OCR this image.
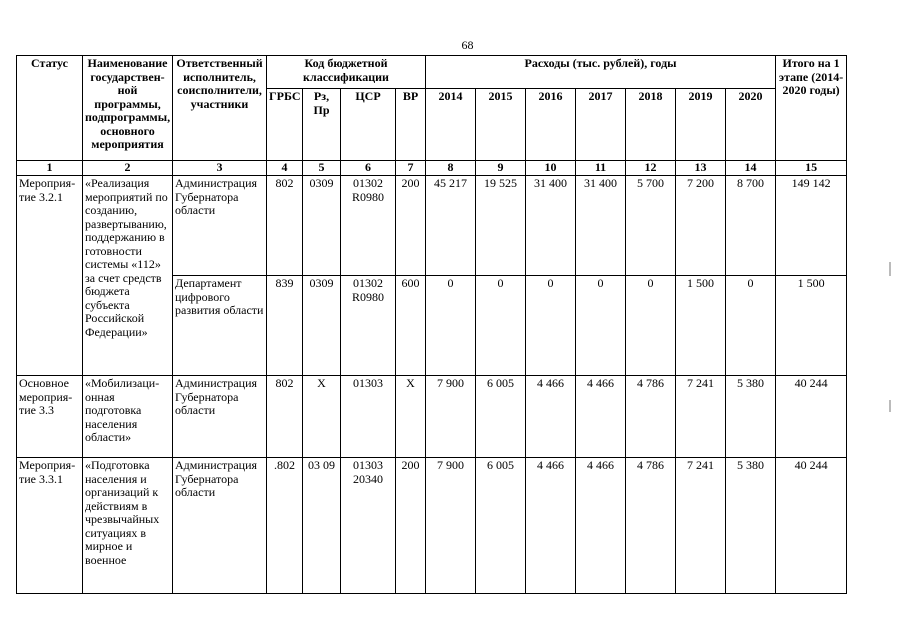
68
Статус	Наименование государствен-ной программы, подпрограммы, основного мероприятия	Ответственный исполнитель, соисполнители, участники	Код бюджетной классификации				Расходы (тыс. рублей), годы							Итого на 1 этапе (2014-2020 годы)
			ГРБС	Рз, Пр	ЦСР	ВР	2014	2015	2016	2017	2018	2019	2020	
1	2	3	4	5	6	7	8	9	10	11	12	13	14	15
Мероприя-тие 3.2.1	«Реализация мероприятий по созданию, развертыванию, поддержанию в готовности системы «112» за счет средств бюджета субъекта Российской Федерации»	Администрация Губернатора области	802	0309	01302 R0980	200	45 217	19 525	31 400	31 400	5 700	7 200	8 700	149 142
		Департамент цифрового развития области	839	0309	01302 R0980	600	0	0	0	0	0	1 500	0	1 500
Основное мероприя-тие 3.3	«Мобилизаци-онная подготовка населения области»	Администрация Губернатора области	802	Х	01303	Х	7 900	6 005	4 466	4 466	4 786	7 241	5 380	40 244
Мероприя-тие 3.3.1	«Подготовка населения и организаций к действиям в чрезвычайных ситуациях в мирное и военное	Администрация Губернатора области	.802	03 09	01303 20340	200	7 900	6 005	4 466	4 466	4 786	7 241	5 380	40 244
